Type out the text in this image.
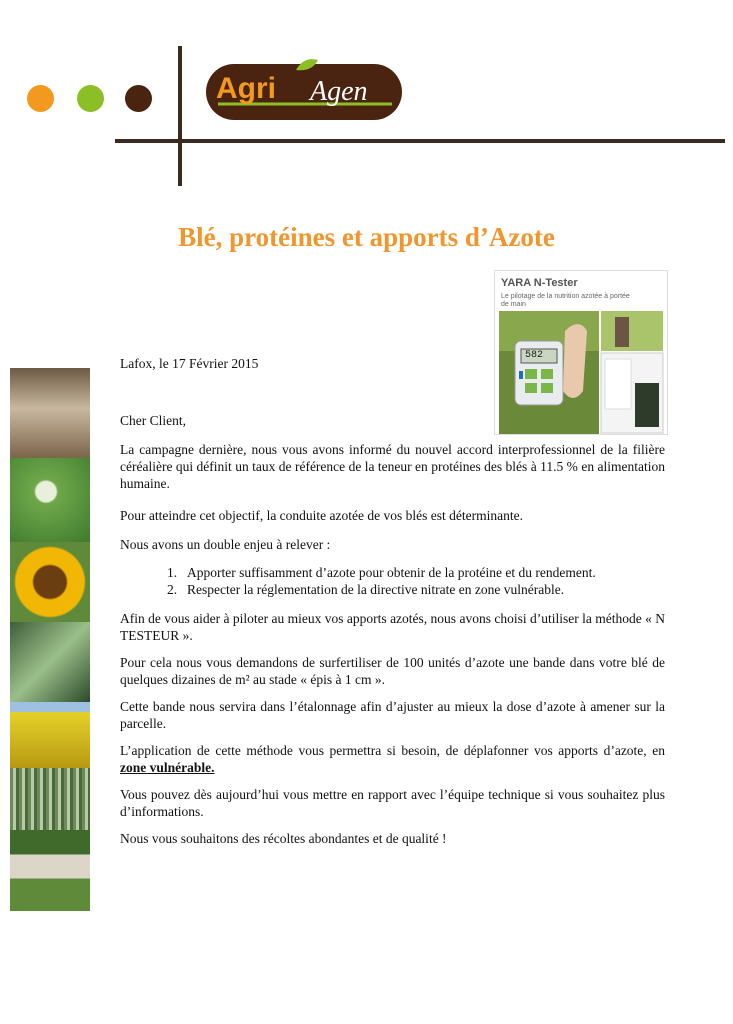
Agri Agen
Blé, protéines et apports d’Azote
YARA N-Tester
Le pilotage de la nutrition azotée à portée de main
582

Lafox, le 17 Février 2015

Cher Client,

La campagne dernière, nous vous avons informé du nouvel accord interprofessionnel de la filière céréalière qui définit un taux de référence de la teneur en protéines des blés à 11.5 % en alimentation humaine.

Pour atteindre cet objectif, la conduite azotée de vos blés est déterminante.

Nous avons un double enjeu à relever :

1. Apporter suffisamment d’azote pour obtenir de la protéine et du rendement.
2. Respecter la réglementation de la directive nitrate en zone vulnérable.

Afin de vous aider à piloter au mieux vos apports azotés, nous avons choisi d’utiliser la méthode « N TESTEUR ».

Pour cela nous vous demandons de surfertiliser de 100 unités d’azote une bande dans votre blé de quelques dizaines de m² au stade « épis à 1 cm ».

Cette bande nous servira dans l’étalonnage afin d’ajuster au mieux la dose d’azote à amener sur la parcelle.

L’application de cette méthode vous permettra si besoin, de déplafonner vos apports d’azote, en zone vulnérable.

Vous pouvez dès aujourd’hui vous mettre en rapport avec l’équipe technique si vous souhaitez plus d’informations.

Nous vous souhaitons des récoltes abondantes et de qualité !
